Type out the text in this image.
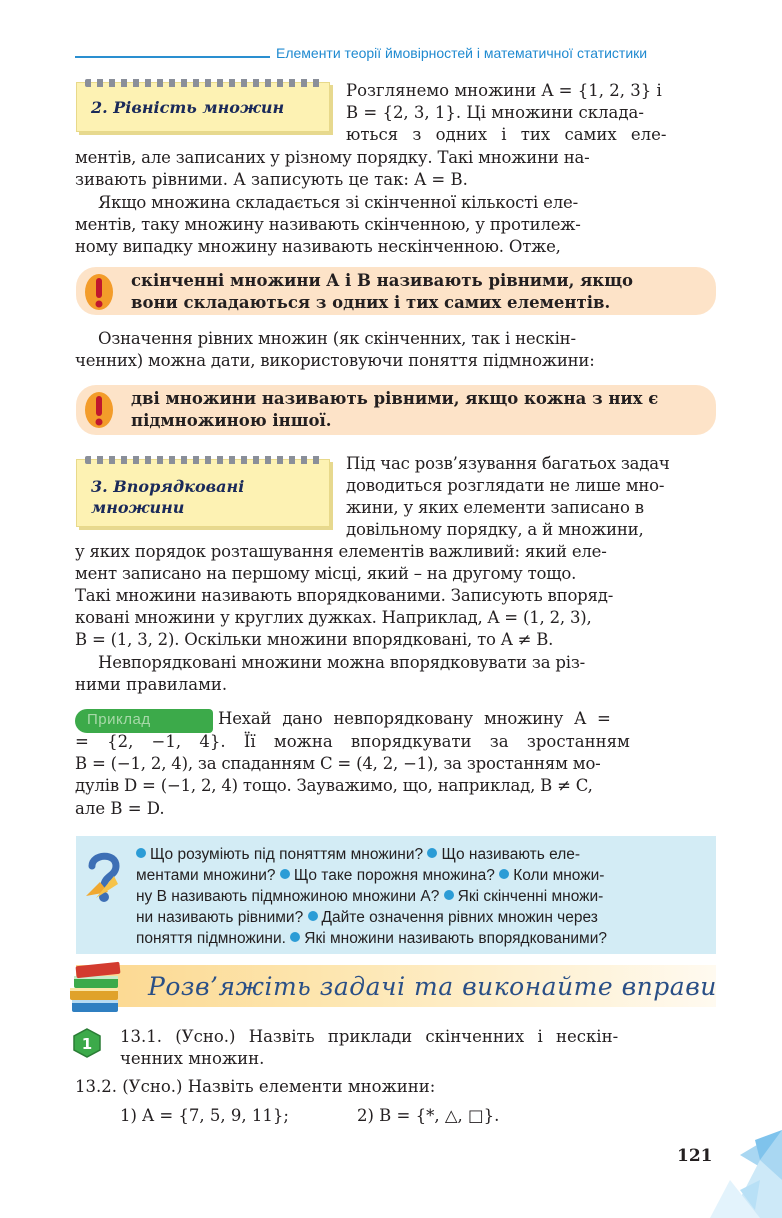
Елементи теорії ймовірностей і математичної статистики
2. Рівність множин
Розглянемо множини A = {1, 2, 3} і
B = {2, 3, 1}. Ці множини склада-
ються з одних і тих самих еле-
ментів, але записаних у різному порядку. Такі множини на-
зивають рівними. А записують це так: A = B.
Якщо множина складається зі скінченної кількості еле-
ментів, таку множину називають скінченною, у протилеж-
ному випадку множину називають нескінченною. Отже,
скінченні множини A і B називають рівними, якщо
вони складаються з одних і тих самих елементів.
Означення рівних множин (як скінченних, так і нескін-
ченних) можна дати, використовуючи поняття підмножини:
дві множини називають рівними, якщо кожна з них є
підмножиною іншої.
3. Впорядковані
множини
Під час розв’язування багатьох задач
доводиться розглядати не лише мно-
жини, у яких елементи записано в
довільному порядку, а й множини,
у яких порядок розташування елементів важливий: який еле-
мент записано на першому місці, який – на другому тощо.
Такі множини називають впорядкованими. Записують впоряд-
ковані множини у круглих дужках. Наприклад, A = (1, 2, 3),
B = (1, 3, 2). Оскільки множини впорядковані, то A ≠ B.
Невпорядковані множини можна впорядковувати за різ-
ними правилами.
Приклад	Нехай дано невпорядковану множину A =
= {2, −1, 4}. Її можна впорядкувати за зростанням
B = (−1, 2, 4), за спаданням C = (4, 2, −1), за зростанням мо-
дулів D = (−1, 2, 4) тощо. Зауважимо, що, наприклад, B ≠ C,
але B = D.
Що розуміють під поняттям множини? Що називають еле-
ментами множини? Що таке порожня множина? Коли множи-
ну B називають підмножиною множини A? Які скінченні множи-
ни називають рівними? Дайте означення рівних множин через
поняття підмножини. Які множини називають впорядкованими?
Розв’яжіть задачі та виконайте вправи
1 13.1. (Усно.) Назвіть приклади скінченних і нескін-
ченних множин.
13.2. (Усно.) Назвіть елементи множини:
1) A = {7, 5, 9, 11};	2) B = {*, △, □}.
121
